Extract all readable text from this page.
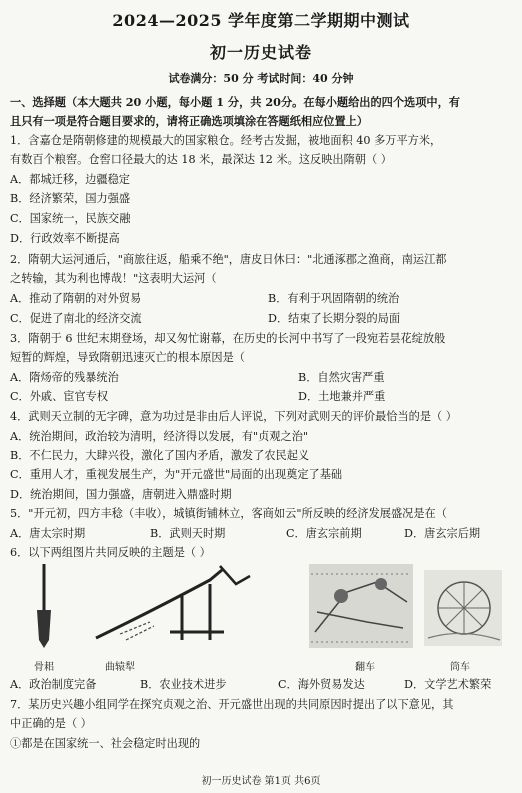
2024—2025 学年度第二学期期中测试
初一历史试卷
试卷满分：50 分 考试时间：40 分钟
一、选择题（本大题共 20 小题，每小题 1 分，共 20分。在每小题给出的四个选项中，有
且只有一项是符合题目要求的，请将正确选项填涂在答题纸相应位置上）
1．含嘉仓是隋朝修建的规模最大的国家粮仓。经考古发掘，被地面积 40 多万平方米，
有数百个粮窖。仓窖口径最大的达 18 米，最深达 12 米。这反映出隋朝（ ）
A．都城迁移，边疆稳定
B．经济繁荣，国力强盛
C．国家统一，民族交融
D．行政效率不断提高
2．隋朝大运河通后，"商旅往返，船乘不绝"，唐皮日休曰："北通涿郡之渔商，南运江都
之转输，其为利也博哉！"这表明大运河（
A．推动了隋朝的对外贸易	B．有利于巩固隋朝的统治
C．促进了南北的经济交流	D．结束了长期分裂的局面
3．隋朝于 6 世纪末期登场，却又匆忙谢幕，在历史的长河中书写了一段宛若昙花绽放般
短暂的辉煌，导致隋朝迅速灭亡的根本原因是（
A．隋炀帝的残暴统治	B．自然灾害严重
C．外戚、宦官专权	D．土地兼并严重
4．武则天立制的无字碑，意为功过是非由后人评说，下列对武则天的评价最恰当的是（ ）
A．统治期间，政治较为清明，经济得以发展，有"贞观之治"
B．不仁民力，大肆兴役，激化了国内矛盾，激发了农民起义
C．重用人才，重视发展生产，为"开元盛世"局面的出现奠定了基础
D．统治期间，国力强盛，唐朝进入鼎盛时期
5．"开元初，四方丰稔（丰收），城镇街铺林立，客商如云"所反映的经济发展盛况是在（
A．唐太宗时期	B．武则天时期	C．唐玄宗前期	D．唐玄宗后期
6．以下两组图片共同反映的主题是（ ）
骨耜	曲辕犁	翻车	筒车
A．政治制度完备	B．农业技术进步	C．海外贸易发达	D．文学艺术繁荣
7．某历史兴趣小组同学在探究贞观之治、开元盛世出现的共同原因时提出了以下意见，其
中正确的是（ ）
①都是在国家统一、社会稳定时出现的
初一历史试卷 第1页 共6页
